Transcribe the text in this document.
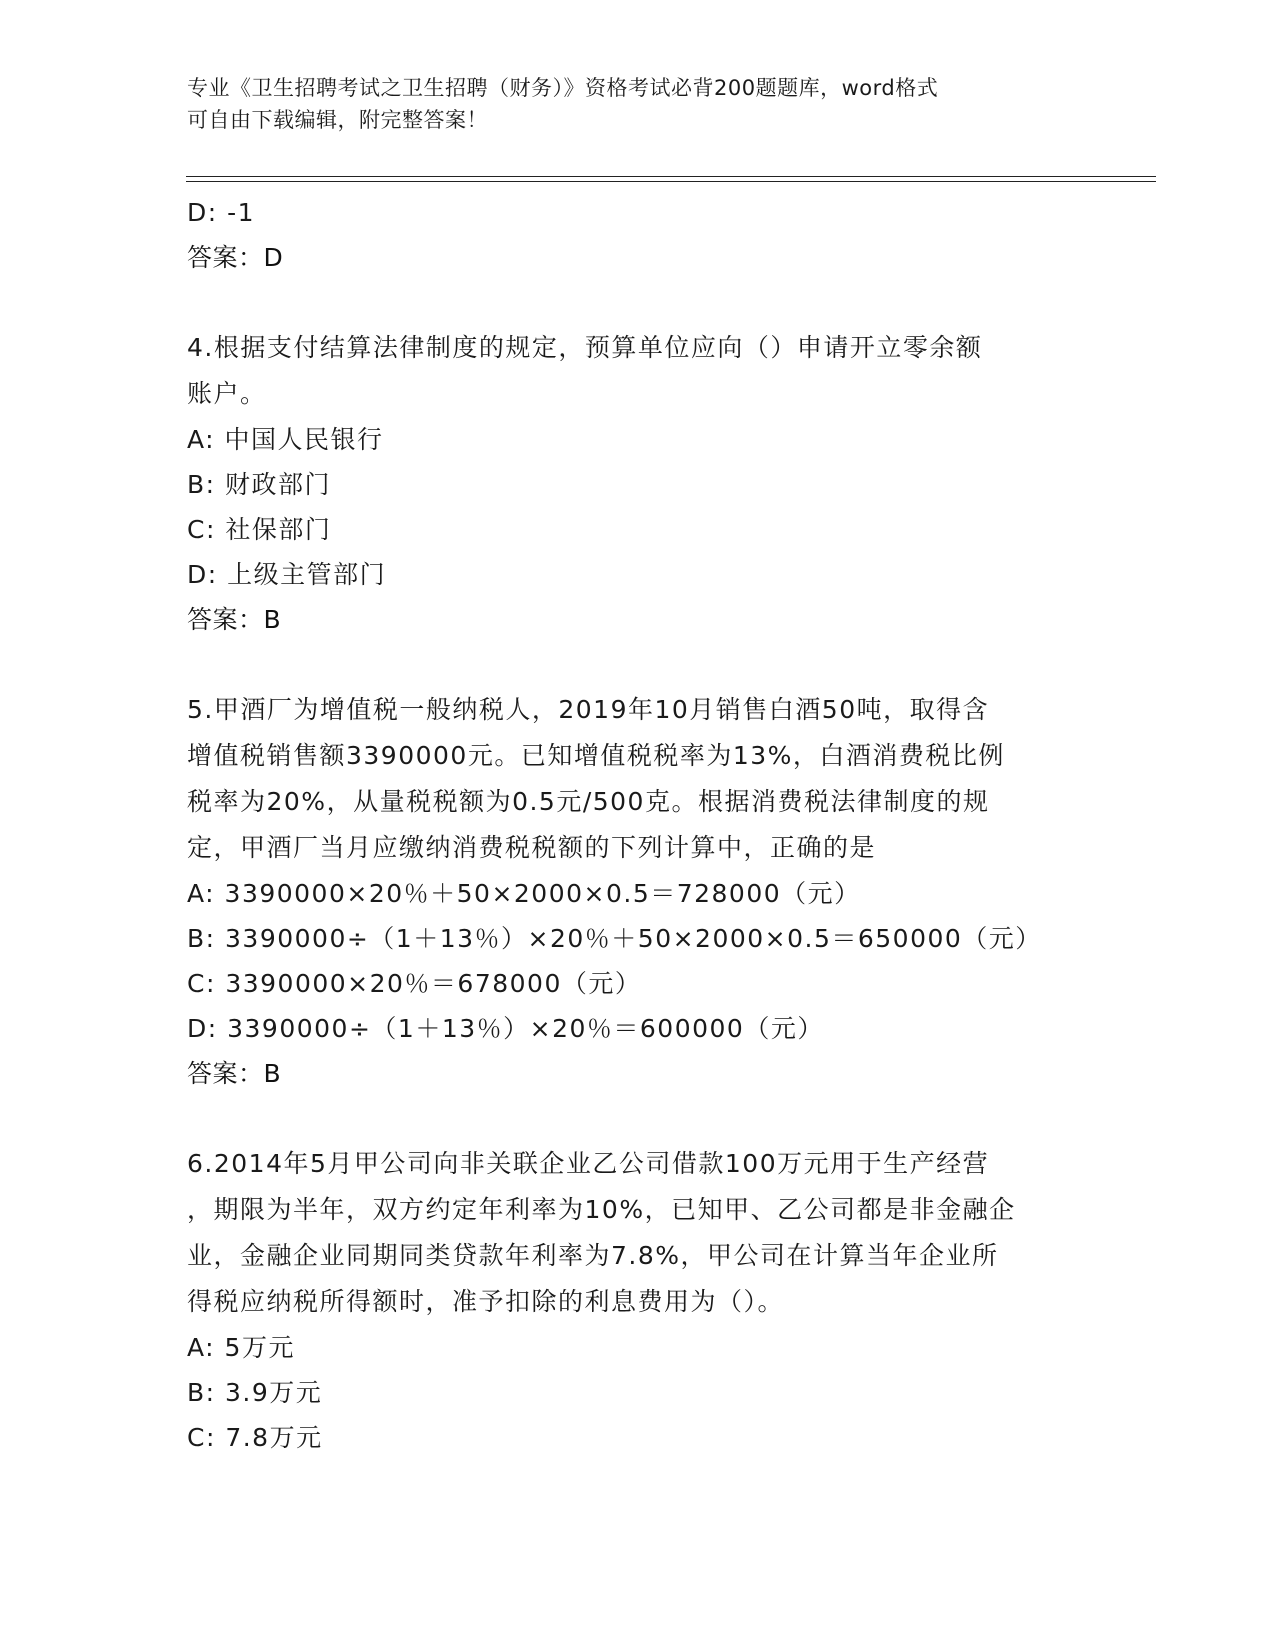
专业《卫生招聘考试之卫生招聘（财务）》资格考试必背200题题库，word格式
可自由下载编辑，附完整答案！
D: -1
答案：D
4.根据支付结算法律制度的规定，预算单位应向（）申请开立零余额
账户。
A: 中国人民银行
B: 财政部门
C: 社保部门
D: 上级主管部门
答案：B
5.甲酒厂为增值税一般纳税人，2019年10月销售白酒50吨，取得含
增值税销售额3390000元。已知增值税税率为13%，白酒消费税比例
税率为20%，从量税税额为0.5元/500克。根据消费税法律制度的规
定，甲酒厂当月应缴纳消费税税额的下列计算中，正确的是
A: 3390000×20％＋50×2000×0.5＝728000（元）
B: 3390000÷（1＋13％）×20％＋50×2000×0.5＝650000（元）
C: 3390000×20％＝678000（元）
D: 3390000÷（1＋13％）×20％＝600000（元）
答案：B
6.2014年5月甲公司向非关联企业乙公司借款100万元用于生产经营
，期限为半年，双方约定年利率为10%，已知甲、乙公司都是非金融企
业，金融企业同期同类贷款年利率为7.8%，甲公司在计算当年企业所
得税应纳税所得额时，准予扣除的利息费用为（）。
A: 5万元
B: 3.9万元
C: 7.8万元
